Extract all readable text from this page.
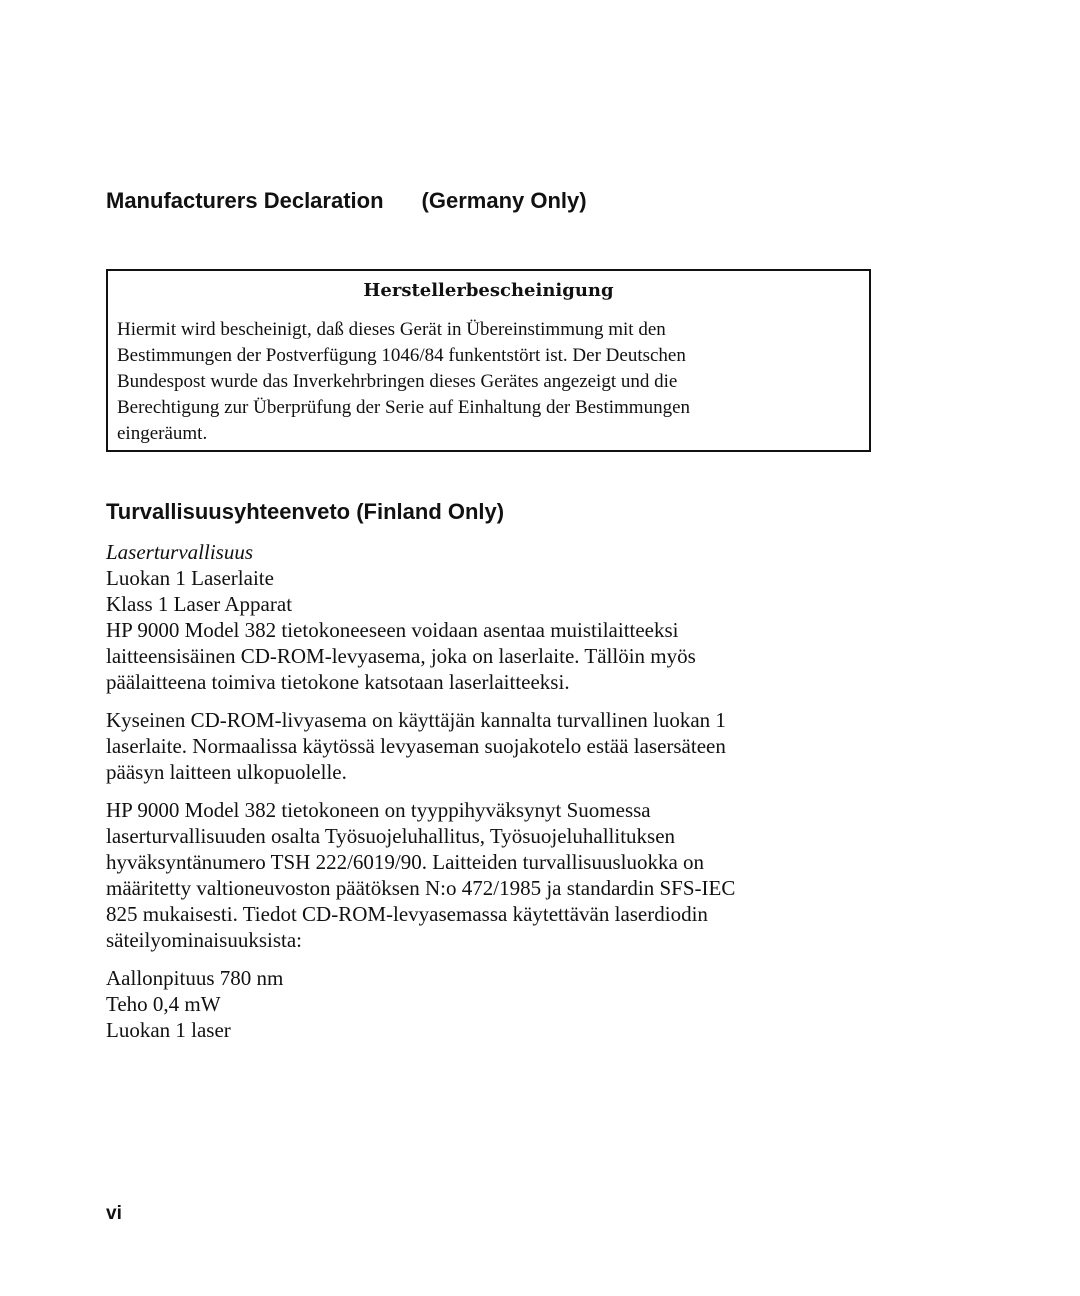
Manufacturers Declaration (Germany Only)
Herstellerbescheinigung
Hiermit wird bescheinigt, daß dieses Gerät in Übereinstimmung mit den
Bestimmungen der Postverfügung 1046/84 funkentstört ist. Der Deutschen
Bundespost wurde das Inverkehrbringen dieses Gerätes angezeigt und die
Berechtigung zur Überprüfung der Serie auf Einhaltung der Bestimmungen
eingeräumt.
Turvallisuusyhteenveto (Finland Only)
Laserturvallisuus
Luokan 1 Laserlaite
Klass 1 Laser Apparat
HP 9000 Model 382 tietokoneeseen voidaan asentaa muistilaitteeksi
laitteensisäinen CD-ROM-levyasema, joka on laserlaite. Tällöin myös
päälaitteena toimiva tietokone katsotaan laserlaitteeksi.
Kyseinen CD-ROM-livyasema on käyttäjän kannalta turvallinen luokan 1
laserlaite. Normaalissa käytössä levyaseman suojakotelo estää lasersäteen
pääsyn laitteen ulkopuolelle.
HP 9000 Model 382 tietokoneen on tyyppihyväksynyt Suomessa
laserturvallisuuden osalta Työsuojeluhallitus, Työsuojeluhallituksen
hyväksyntänumero TSH 222/6019/90. Laitteiden turvallisuusluokka on
määritetty valtioneuvoston päätöksen N:o 472/1985 ja standardin SFS-IEC
825 mukaisesti. Tiedot CD-ROM-levyasemassa käytettävän laserdiodin
säteilyominaisuuksista:
Aallonpituus 780 nm
Teho 0,4 mW
Luokan 1 laser
vi
